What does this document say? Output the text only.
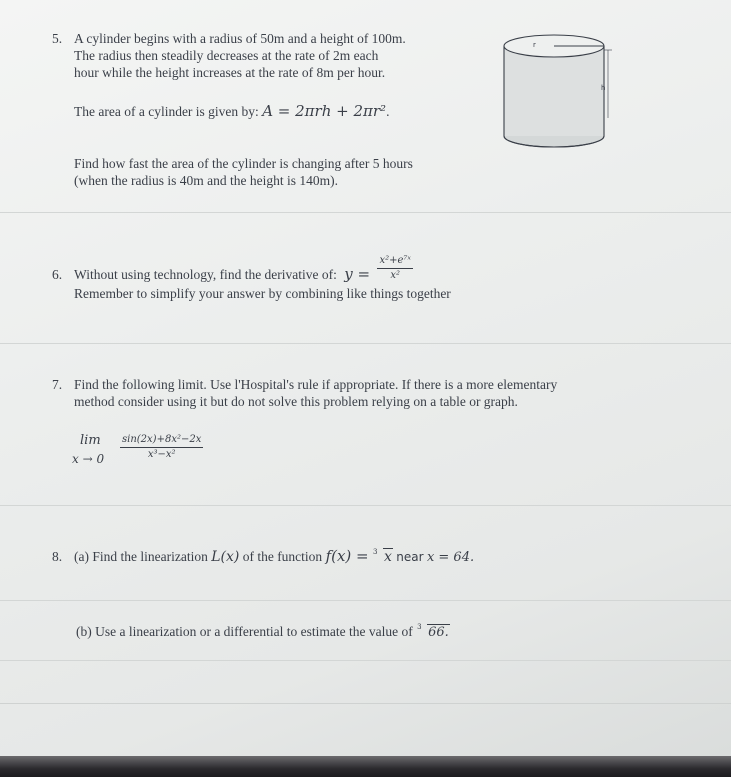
5. A cylinder begins with a radius of 50m and a height of 100m.
The radius then steadily decreases at the rate of 2m each
hour while the height increases at the rate of 8m per hour.
The area of a cylinder is given by: A = 2πrh + 2πr².
Find how fast the area of the cylinder is changing after 5 hours
(when the radius is 40m and the height is 140m).
r
h
6. Without using technology, find the derivative of: $y = \frac{\text{x²+e⁷ˣ}}{\text{x²}}$
Remember to simplify your answer by combining like things together
7. Find the following limit. Use l'Hospital's rule if appropriate. If there is a more elementary
method consider using it but do not solve this problem relying on a table or graph.
lim
$x \to 0 \frac{\text{sin(2x)+8x²−2x}}{\text{x³−x²}}$
8. (a) Find the linearization L(x) of the function f(x) = 3 x near x = 64.
(b) Use a linearization or a differential to estimate the value of 3 66.
